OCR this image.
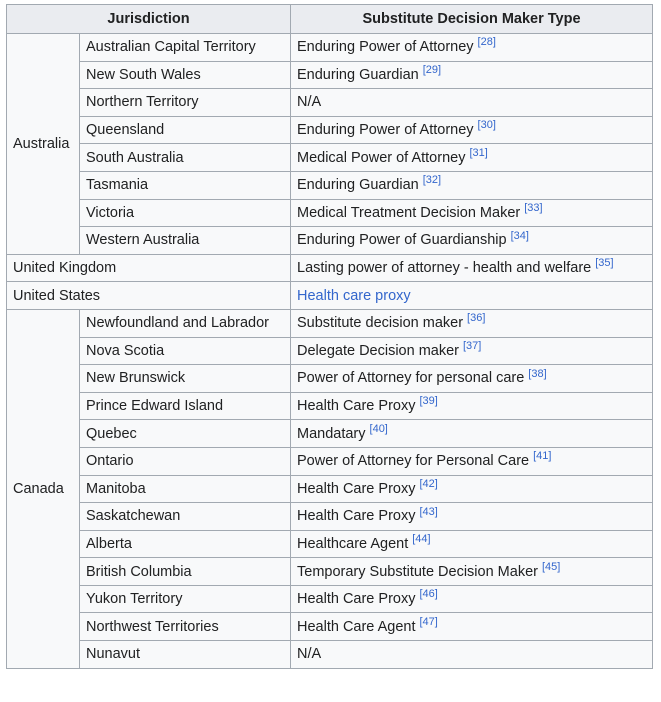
Jurisdiction		Substitute Decision Maker Type
Australia	Australian Capital Territory	Enduring Power of Attorney [28]
	New South Wales	Enduring Guardian [29]
	Northern Territory	N/A
	Queensland	Enduring Power of Attorney [30]
	South Australia	Medical Power of Attorney [31]
	Tasmania	Enduring Guardian [32]
	Victoria	Medical Treatment Decision Maker [33]
	Western Australia	Enduring Power of Guardianship [34]
United Kingdom		Lasting power of attorney - health and welfare [35]
United States		Health care proxy
Canada	Newfoundland and Labrador	Substitute decision maker [36]
	Nova Scotia	Delegate Decision maker [37]
	New Brunswick	Power of Attorney for personal care [38]
	Prince Edward Island	Health Care Proxy [39]
	Quebec	Mandatary [40]
	Ontario	Power of Attorney for Personal Care [41]
	Manitoba	Health Care Proxy [42]
	Saskatchewan	Health Care Proxy [43]
	Alberta	Healthcare Agent [44]
	British Columbia	Temporary Substitute Decision Maker [45]
	Yukon Territory	Health Care Proxy [46]
	Northwest Territories	Health Care Agent [47]
	Nunavut	N/A
